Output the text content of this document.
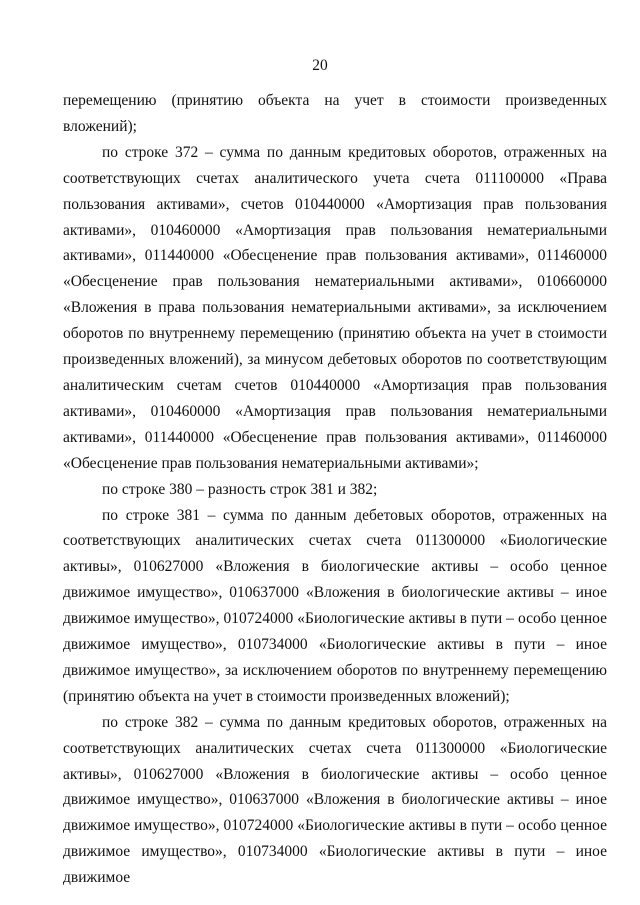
20

перемещению (принятию объекта на учет в стоимости произведенных вложений);

по строке 372 – сумма по данным кредитовых оборотов, отраженных на соответствующих счетах аналитического учета счета 011100000 «Права пользования активами», счетов 010440000 «Амортизация прав пользования активами», 010460000 «Амортизация прав пользования нематериальными активами», 011440000 «Обесценение прав пользования активами», 011460000 «Обесценение прав пользования нематериальными активами», 010660000 «Вложения в права пользования нематериальными активами», за исключением оборотов по внутреннему перемещению (принятию объекта на учет в стоимости произведенных вложений), за минусом дебетовых оборотов по соответствующим аналитическим счетам счетов 010440000 «Амортизация прав пользования активами», 010460000 «Амортизация прав пользования нематериальными активами», 011440000 «Обесценение прав пользования активами», 011460000 «Обесценение прав пользования нематериальными активами»;

по строке 380 – разность строк 381 и 382;

по строке 381 – сумма по данным дебетовых оборотов, отраженных на соответствующих аналитических счетах счета 011300000 «Биологические активы», 010627000 «Вложения в биологические активы – особо ценное движимое имущество», 010637000 «Вложения в биологические активы – иное движимое имущество», 010724000 «Биологические активы в пути – особо ценное движимое имущество», 010734000 «Биологические активы в пути – иное движимое имущество», за исключением оборотов по внутреннему перемещению (принятию объекта на учет в стоимости произведенных вложений);

по строке 382 – сумма по данным кредитовых оборотов, отраженных на соответствующих аналитических счетах счета 011300000 «Биологические активы», 010627000 «Вложения в биологические активы – особо ценное движимое имущество», 010637000 «Вложения в биологические активы – иное движимое имущество», 010724000 «Биологические активы в пути – особо ценное движимое имущество», 010734000 «Биологические активы в пути – иное движимое
